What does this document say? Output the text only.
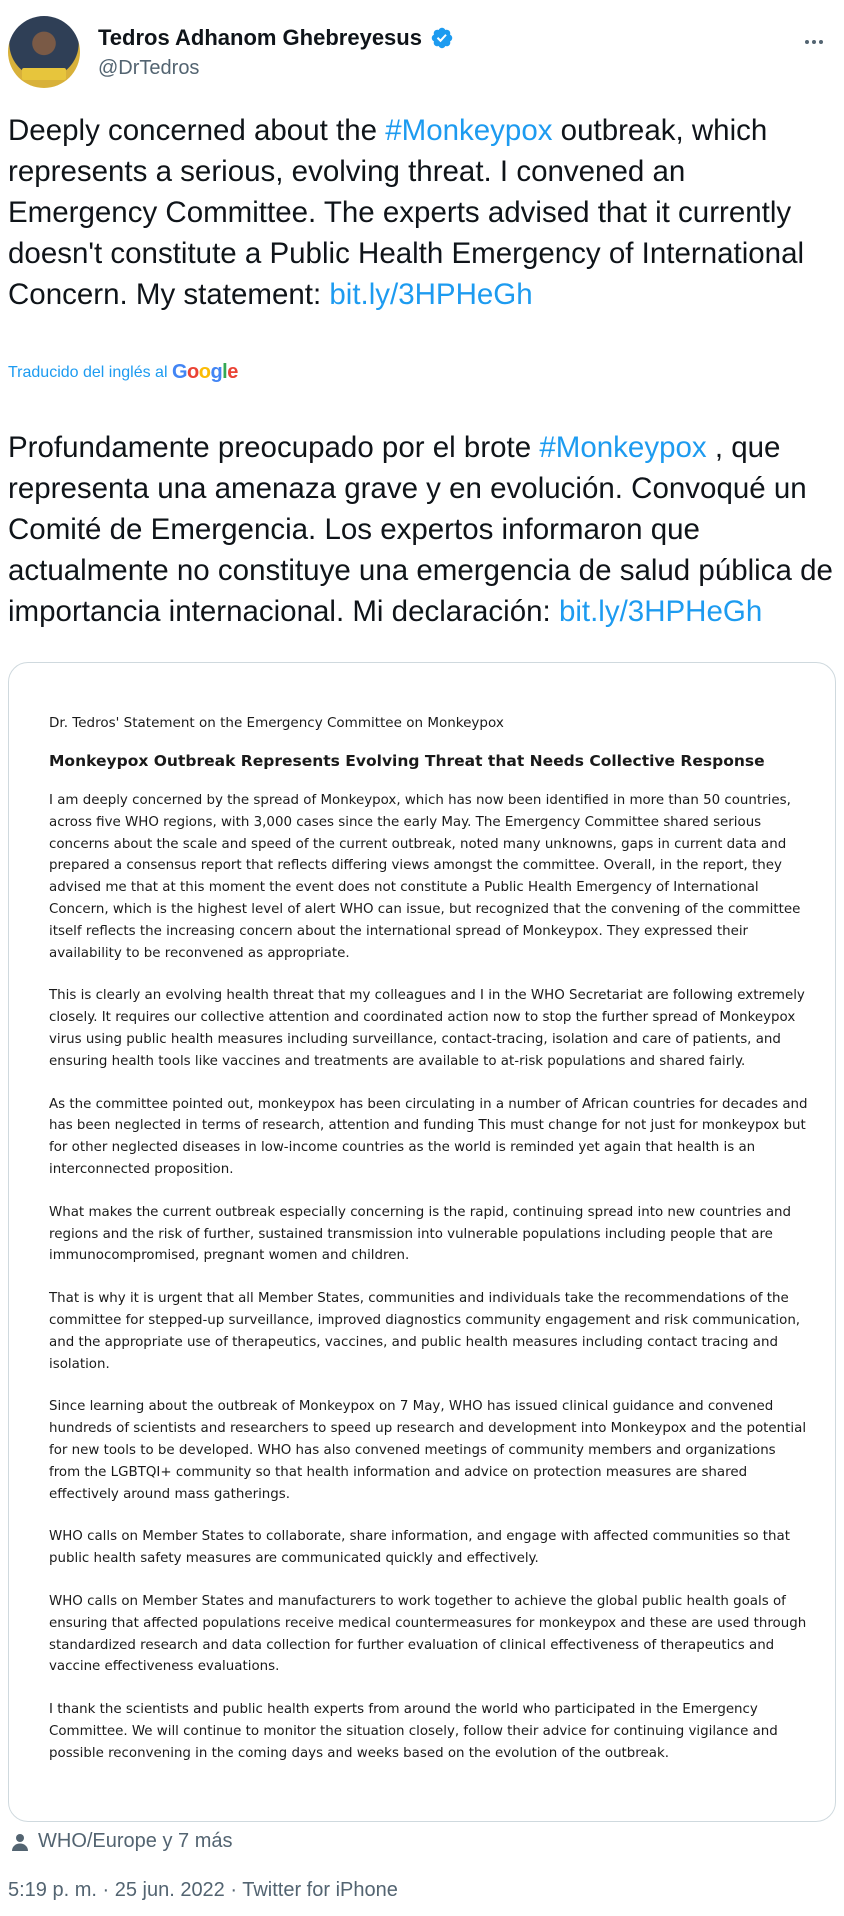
Tedros Adhanom Ghebreyesus
@DrTedros

Deeply concerned about the #Monkeypox outbreak, which represents a serious, evolving threat. I convened an Emergency Committee. The experts advised that it currently doesn't constitute a Public Health Emergency of International Concern. My statement: bit.ly/3HPHeGh

Traducido del inglés al Google

Profundamente preocupado por el brote #Monkeypox , que representa una amenaza grave y en evolución. Convoqué un Comité de Emergencia. Los expertos informaron que actualmente no constituye una emergencia de salud pública de importancia internacional. Mi declaración: bit.ly/3HPHeGh

Dr. Tedros' Statement on the Emergency Committee on Monkeypox
Monkeypox Outbreak Represents Evolving Threat that Needs Collective Response
I am deeply concerned by the spread of Monkeypox, which has now been identified in more than 50 countries, across five WHO regions, with 3,000 cases since the early May. The Emergency Committee shared serious concerns about the scale and speed of the current outbreak, noted many unknowns, gaps in current data and prepared a consensus report that reflects differing views amongst the committee. Overall, in the report, they advised me that at this moment the event does not constitute a Public Health Emergency of International Concern, which is the highest level of alert WHO can issue, but recognized that the convening of the committee itself reflects the increasing concern about the international spread of Monkeypox. They expressed their availability to be reconvened as appropriate.
This is clearly an evolving health threat that my colleagues and I in the WHO Secretariat are following extremely closely. It requires our collective attention and coordinated action now to stop the further spread of Monkeypox virus using public health measures including surveillance, contact-tracing, isolation and care of patients, and ensuring health tools like vaccines and treatments are available to at-risk populations and shared fairly.
As the committee pointed out, monkeypox has been circulating in a number of African countries for decades and has been neglected in terms of research, attention and funding This must change for not just for monkeypox but for other neglected diseases in low-income countries as the world is reminded yet again that health is an interconnected proposition.
What makes the current outbreak especially concerning is the rapid, continuing spread into new countries and regions and the risk of further, sustained transmission into vulnerable populations including people that are immunocompromised, pregnant women and children.
That is why it is urgent that all Member States, communities and individuals take the recommendations of the committee for stepped-up surveillance, improved diagnostics community engagement and risk communication, and the appropriate use of therapeutics, vaccines, and public health measures including contact tracing and isolation.
Since learning about the outbreak of Monkeypox on 7 May, WHO has issued clinical guidance and convened hundreds of scientists and researchers to speed up research and development into Monkeypox and the potential for new tools to be developed. WHO has also convened meetings of community members and organizations from the LGBTQI+ community so that health information and advice on protection measures are shared effectively around mass gatherings.
WHO calls on Member States to collaborate, share information, and engage with affected communities so that public health safety measures are communicated quickly and effectively.
WHO calls on Member States and manufacturers to work together to achieve the global public health goals of ensuring that affected populations receive medical countermeasures for monkeypox and these are used through standardized research and data collection for further evaluation of clinical effectiveness of therapeutics and vaccine effectiveness evaluations.
I thank the scientists and public health experts from around the world who participated in the Emergency Committee. We will continue to monitor the situation closely, follow their advice for continuing vigilance and possible reconvening in the coming days and weeks based on the evolution of the outbreak.
WHO/Europe y 7 más
5:19 p. m. · 25 jun. 2022 · Twitter for iPhone
